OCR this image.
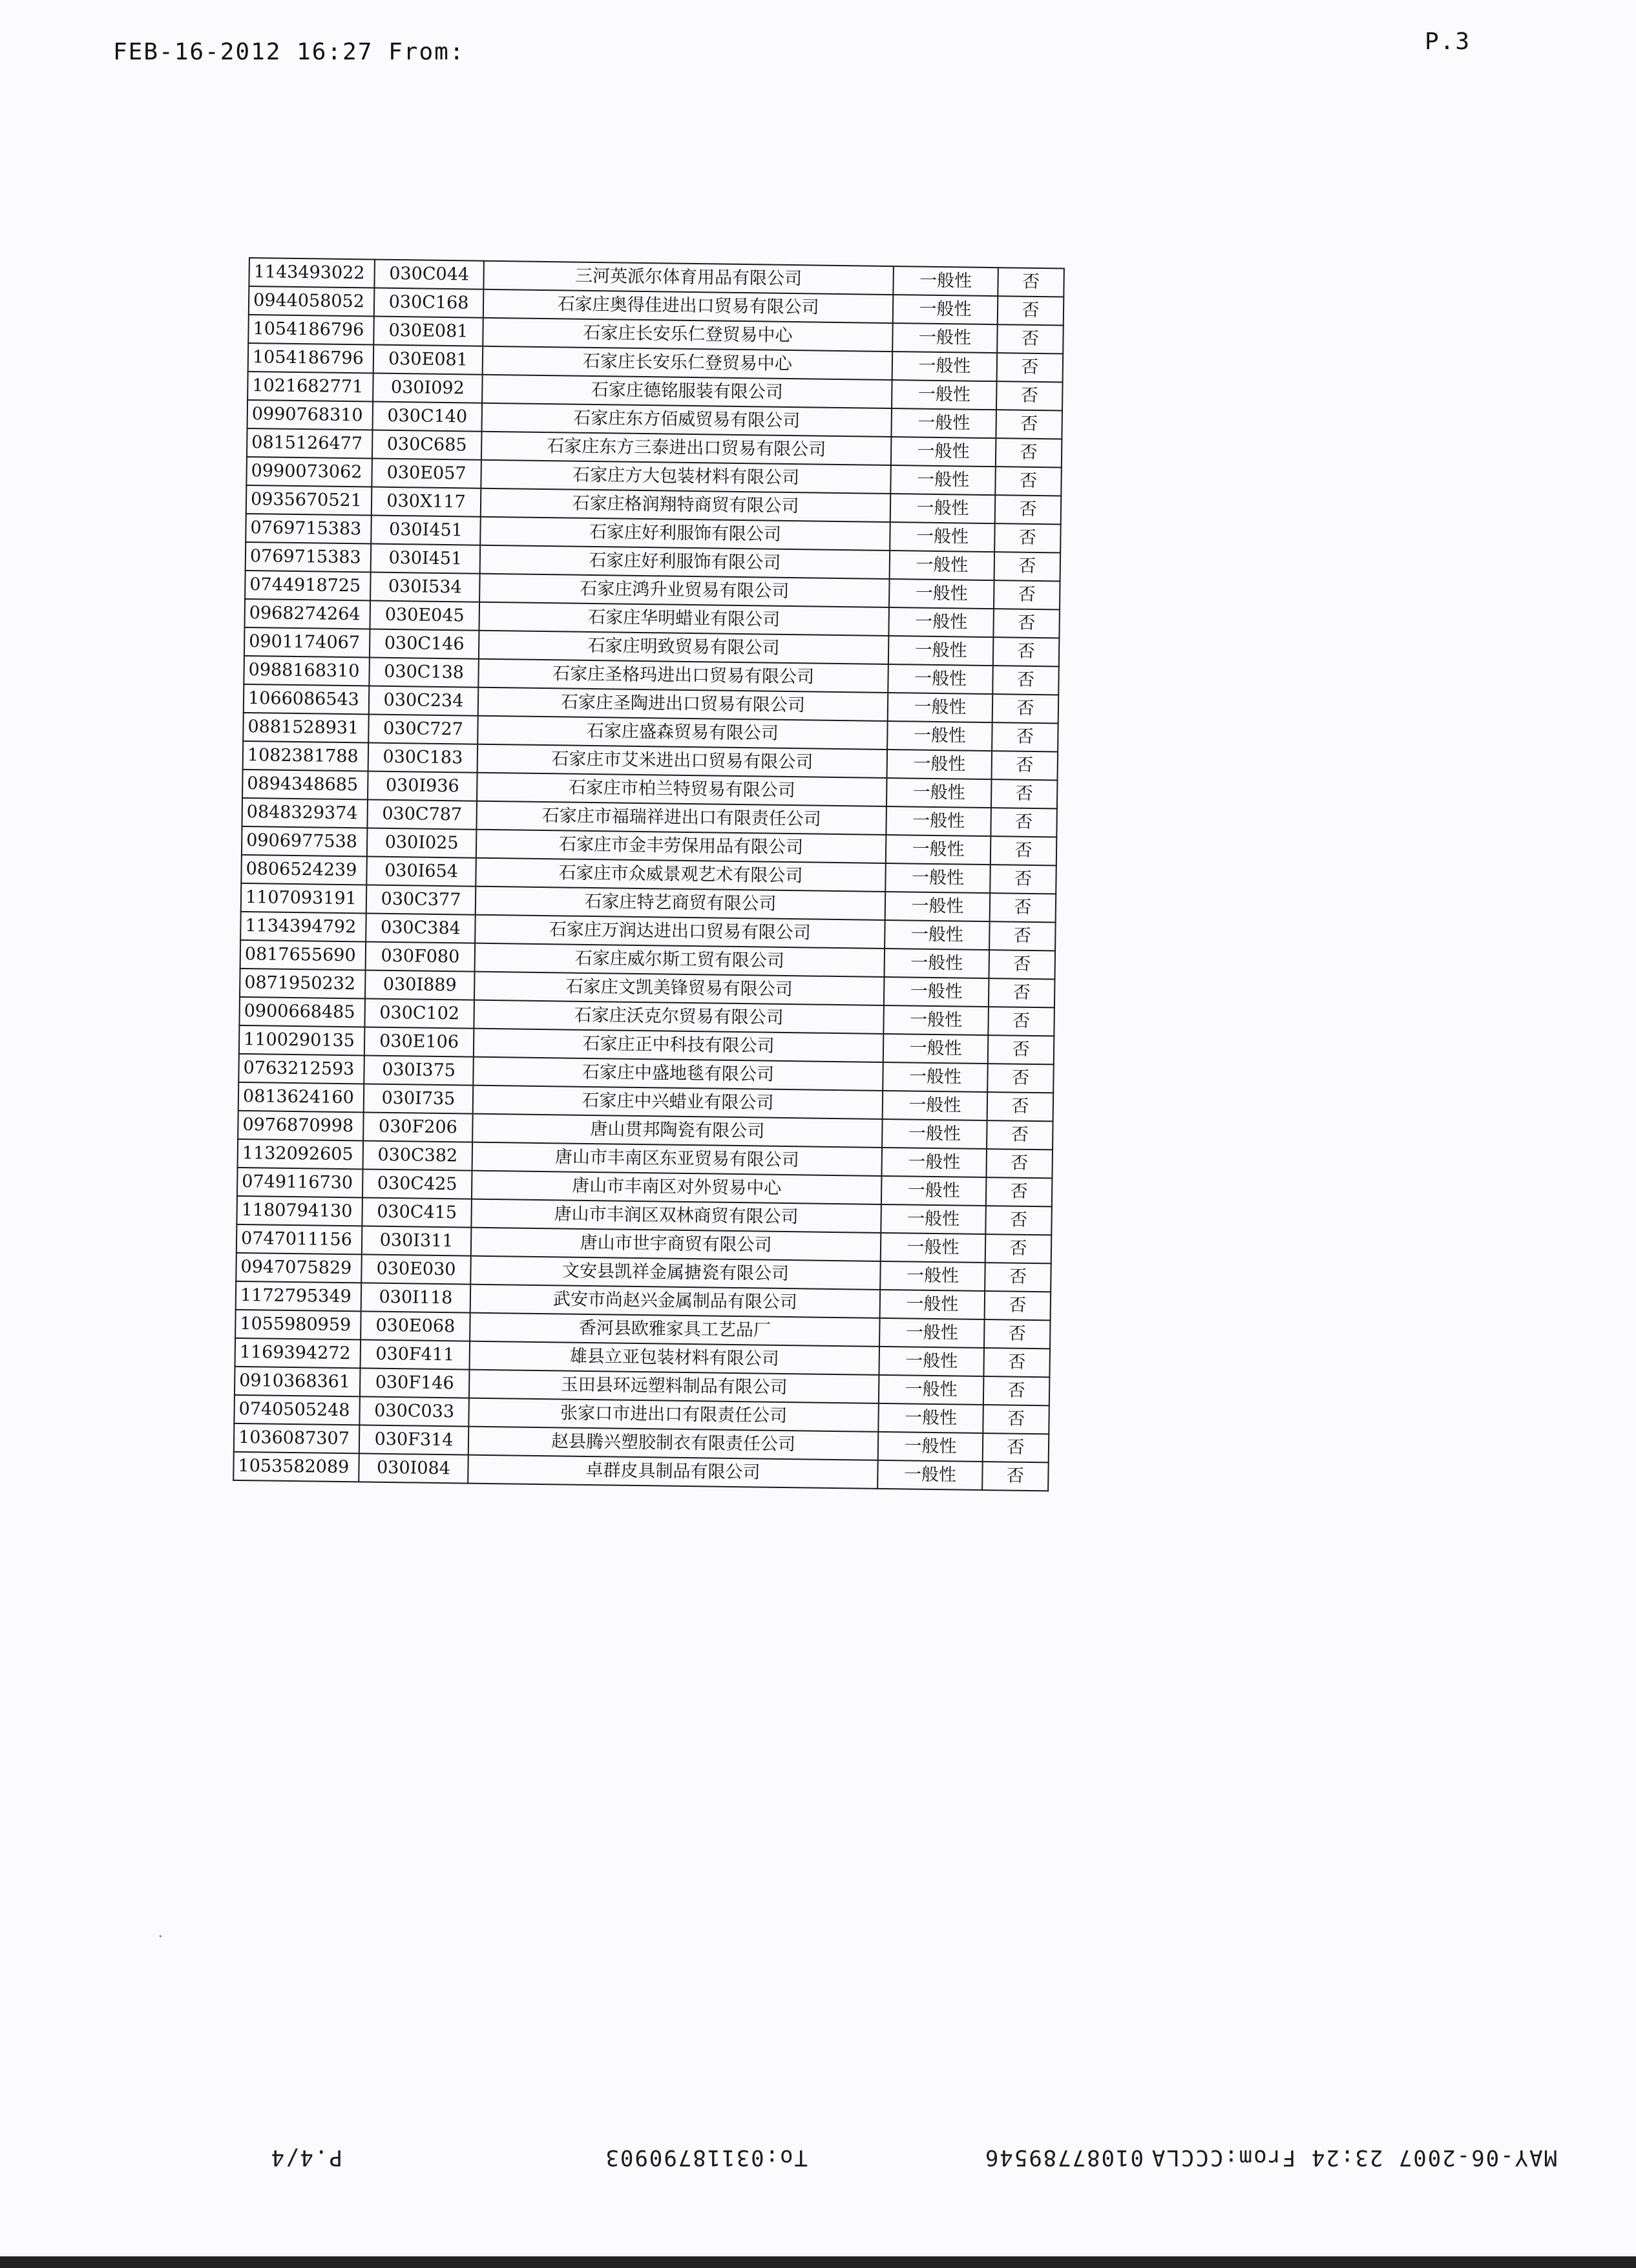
FEB-16-2012 16:27 From:	P.3
1143493022	030C044	三河英派尔体育用品有限公司	一般性	否
0944058052	030C168	石家庄奥得佳进出口贸易有限公司	一般性	否
1054186796	030E081	石家庄长安乐仁登贸易中心	一般性	否
1054186796	030E081	石家庄长安乐仁登贸易中心	一般性	否
1021682771	030I092	石家庄德铭服装有限公司	一般性	否
0990768310	030C140	石家庄东方佰威贸易有限公司	一般性	否
0815126477	030C685	石家庄东方三泰进出口贸易有限公司	一般性	否
0990073062	030E057	石家庄方大包装材料有限公司	一般性	否
0935670521	030X117	石家庄格润翔特商贸有限公司	一般性	否
0769715383	030I451	石家庄好利服饰有限公司	一般性	否
0769715383	030I451	石家庄好利服饰有限公司	一般性	否
0744918725	030I534	石家庄鸿升业贸易有限公司	一般性	否
0968274264	030E045	石家庄华明蜡业有限公司	一般性	否
0901174067	030C146	石家庄明致贸易有限公司	一般性	否
0988168310	030C138	石家庄圣格玛进出口贸易有限公司	一般性	否
1066086543	030C234	石家庄圣陶进出口贸易有限公司	一般性	否
0881528931	030C727	石家庄盛森贸易有限公司	一般性	否
1082381788	030C183	石家庄市艾米进出口贸易有限公司	一般性	否
0894348685	030I936	石家庄市柏兰特贸易有限公司	一般性	否
0848329374	030C787	石家庄市福瑞祥进出口有限责任公司	一般性	否
0906977538	030I025	石家庄市金丰劳保用品有限公司	一般性	否
0806524239	030I654	石家庄市众威景观艺术有限公司	一般性	否
1107093191	030C377	石家庄特艺商贸有限公司	一般性	否
1134394792	030C384	石家庄万润达进出口贸易有限公司	一般性	否
0817655690	030F080	石家庄威尔斯工贸有限公司	一般性	否
0871950232	030I889	石家庄文凯美锋贸易有限公司	一般性	否
0900668485	030C102	石家庄沃克尔贸易有限公司	一般性	否
1100290135	030E106	石家庄正中科技有限公司	一般性	否
0763212593	030I375	石家庄中盛地毯有限公司	一般性	否
0813624160	030I735	石家庄中兴蜡业有限公司	一般性	否
0976870998	030F206	唐山贯邦陶瓷有限公司	一般性	否
1132092605	030C382	唐山市丰南区东亚贸易有限公司	一般性	否
0749116730	030C425	唐山市丰南区对外贸易中心	一般性	否
1180794130	030C415	唐山市丰润区双林商贸有限公司	一般性	否
0747011156	030I311	唐山市世宇商贸有限公司	一般性	否
0947075829	030E030	文安县凯祥金属搪瓷有限公司	一般性	否
1172795349	030I118	武安市尚赵兴金属制品有限公司	一般性	否
1055980959	030E068	香河县欧雅家具工艺品厂	一般性	否
1169394272	030F411	雄县立亚包装材料有限公司	一般性	否
0910368361	030F146	玉田县环远塑料制品有限公司	一般性	否
0740505248	030C033	张家口市进出口有限责任公司	一般性	否
1036087307	030F314	赵县腾兴塑胶制衣有限责任公司	一般性	否
1053582089	030I084	卓群皮具制品有限公司	一般性	否
MAY-06-2007 23:24 From:CCCLA
01087789546
To:03118790903
P.4/4
